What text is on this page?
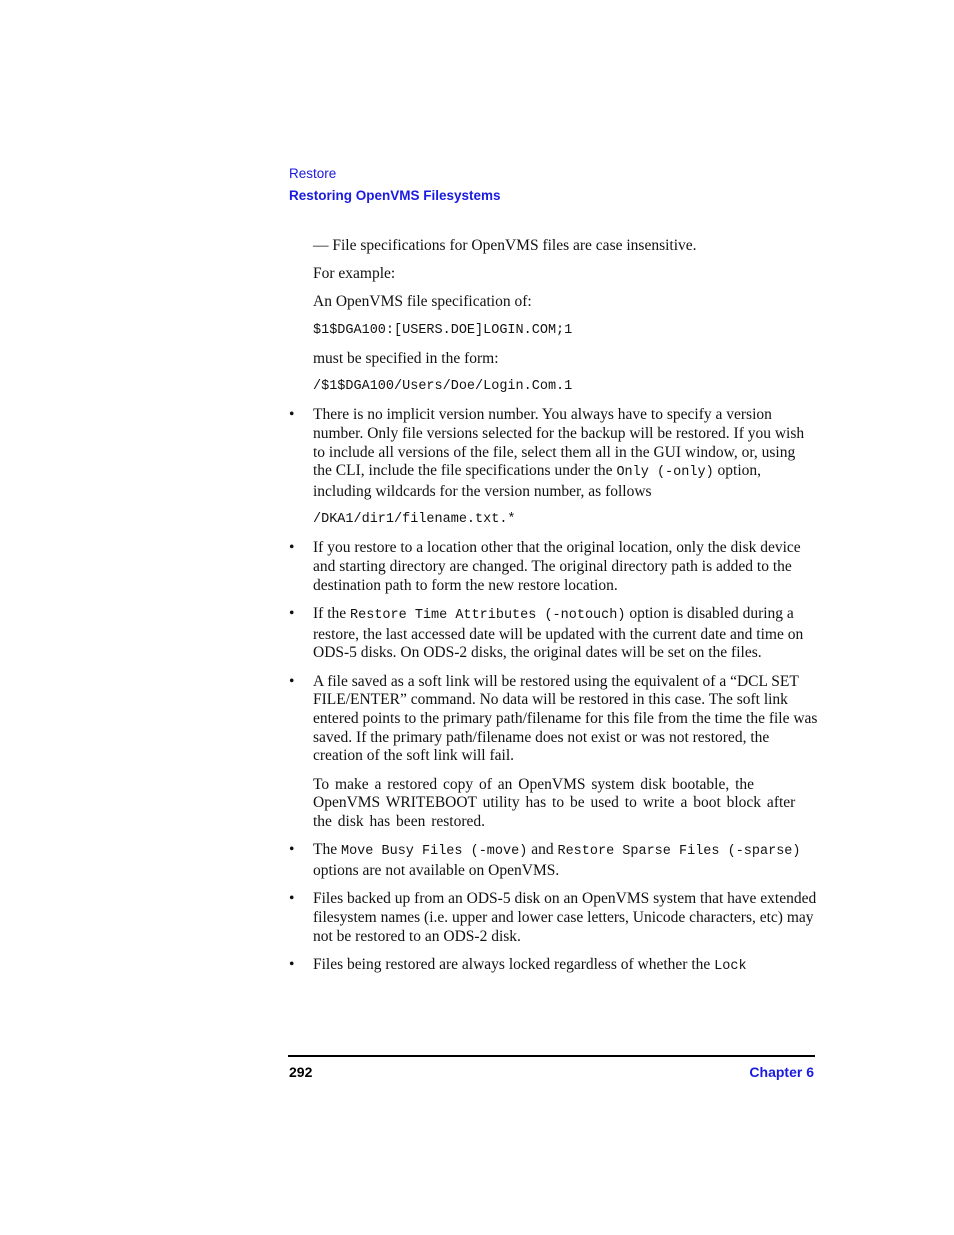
Restore
Restoring OpenVMS Filesystems

— File specifications for OpenVMS files are case insensitive.

For example:

An OpenVMS file specification of:

$1$DGA100:[USERS.DOE]LOGIN.COM;1

must be specified in the form:

/$1$DGA100/Users/Doe/Login.Com.1

• There is no implicit version number. You always have to specify a version number. Only file versions selected for the backup will be restored. If you wish to include all versions of the file, select them all in the GUI window, or, using the CLI, include the file specifications under the Only (-only) option, including wildcards for the version number, as follows

/DKA1/dir1/filename.txt.*

• If you restore to a location other that the original location, only the disk device and starting directory are changed. The original directory path is added to the destination path to form the new restore location.

• If the Restore Time Attributes (-notouch) option is disabled during a restore, the last accessed date will be updated with the current date and time on ODS-5 disks. On ODS-2 disks, the original dates will be set on the files.

• A file saved as a soft link will be restored using the equivalent of a “DCL SET FILE/ENTER” command. No data will be restored in this case. The soft link entered points to the primary path/filename for this file from the time the file was saved. If the primary path/filename does not exist or was not restored, the creation of the soft link will fail.

To make a restored copy of an OpenVMS system disk bootable, the OpenVMS WRITEBOOT utility has to be used to write a boot block after the disk has been restored.

• The Move Busy Files (-move) and Restore Sparse Files (-sparse) options are not available on OpenVMS.

• Files backed up from an ODS-5 disk on an OpenVMS system that have extended filesystem names (i.e. upper and lower case letters, Unicode characters, etc) may not be restored to an ODS-2 disk.

• Files being restored are always locked regardless of whether the Lock

292	Chapter 6
